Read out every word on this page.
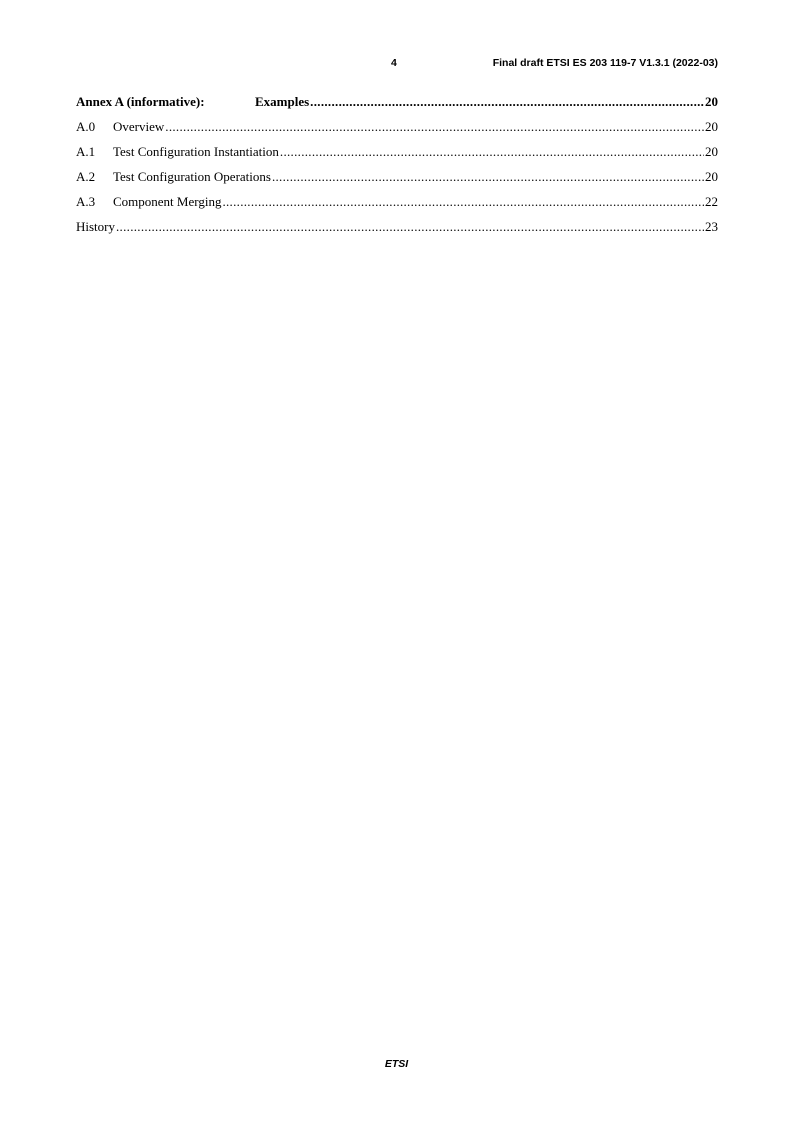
4	Final draft ETSI ES 203 119-7 V1.3.1 (2022-03)
Annex A (informative):	Examples .....	20
A.0	Overview .....	20
A.1	Test Configuration Instantiation .....	20
A.2	Test Configuration Operations .....	20
A.3	Component Merging .....	22
History .....	23
ETSI
